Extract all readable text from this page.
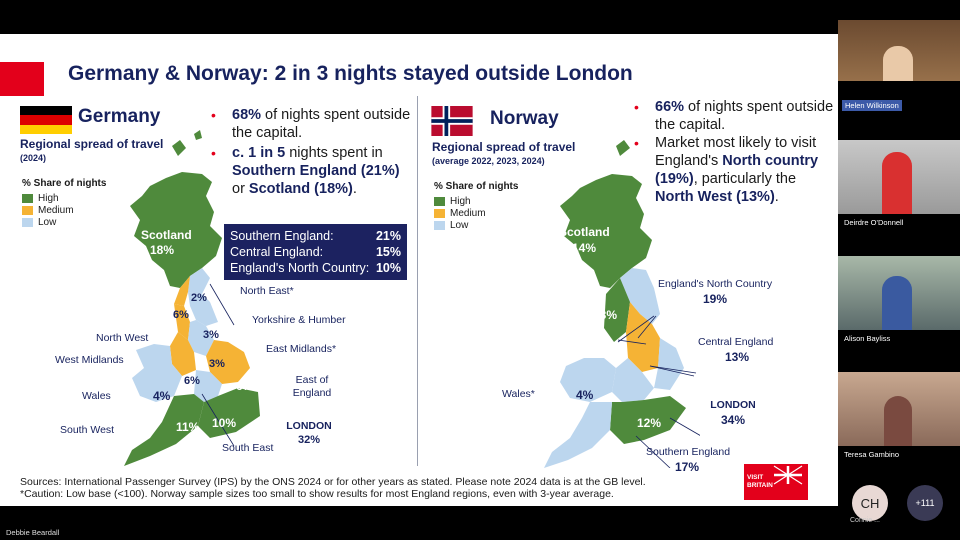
Germany & Norway: 2 in 3 nights stayed outside London
Germany
Regional spread of travel
(2024)
% Share of nights
High
Medium
Low
Scotland
18%
2%
6%
3%
3%
6%	6%
4%
11% 10%
North East*
North West
Yorkshire & Humber
East Midlands*
West Midlands
East of England
Wales
South West
South East
LONDON
32%
• 68% of nights spent outside the capital.
• c. 1 in 5 nights spent in Southern England (21%) or Scotland (18%).
Southern England:	21%
Central England:	15%
England's North Country: 10%
Norway
Regional spread of travel
(average 2022, 2023, 2024)
% Share of nights
High
Medium
Low	Scotland
14%
13%
4%
12%
England's North Country
19%
Central England
13%
LONDON
34%
Wales*
Southern England
17%
• 66% of nights spent outside the capital.
• Market most likely to visit England's North country (19%), particularly the North West (13%).
Sources: International Passenger Survey (IPS) by the ONS 2024 or for other years as stated. Please note 2024 data is at the GB level.
*Caution: Low base (<100). Norway sample sizes too small to show results for most England regions, even with 3-year average.
VISIT BRITAIN
Helen Wilkinson
Deirdre O'Donnell
Alison Bayliss
Teresa Gambino
CH
Connie ...
+111
Debbie Beardall
